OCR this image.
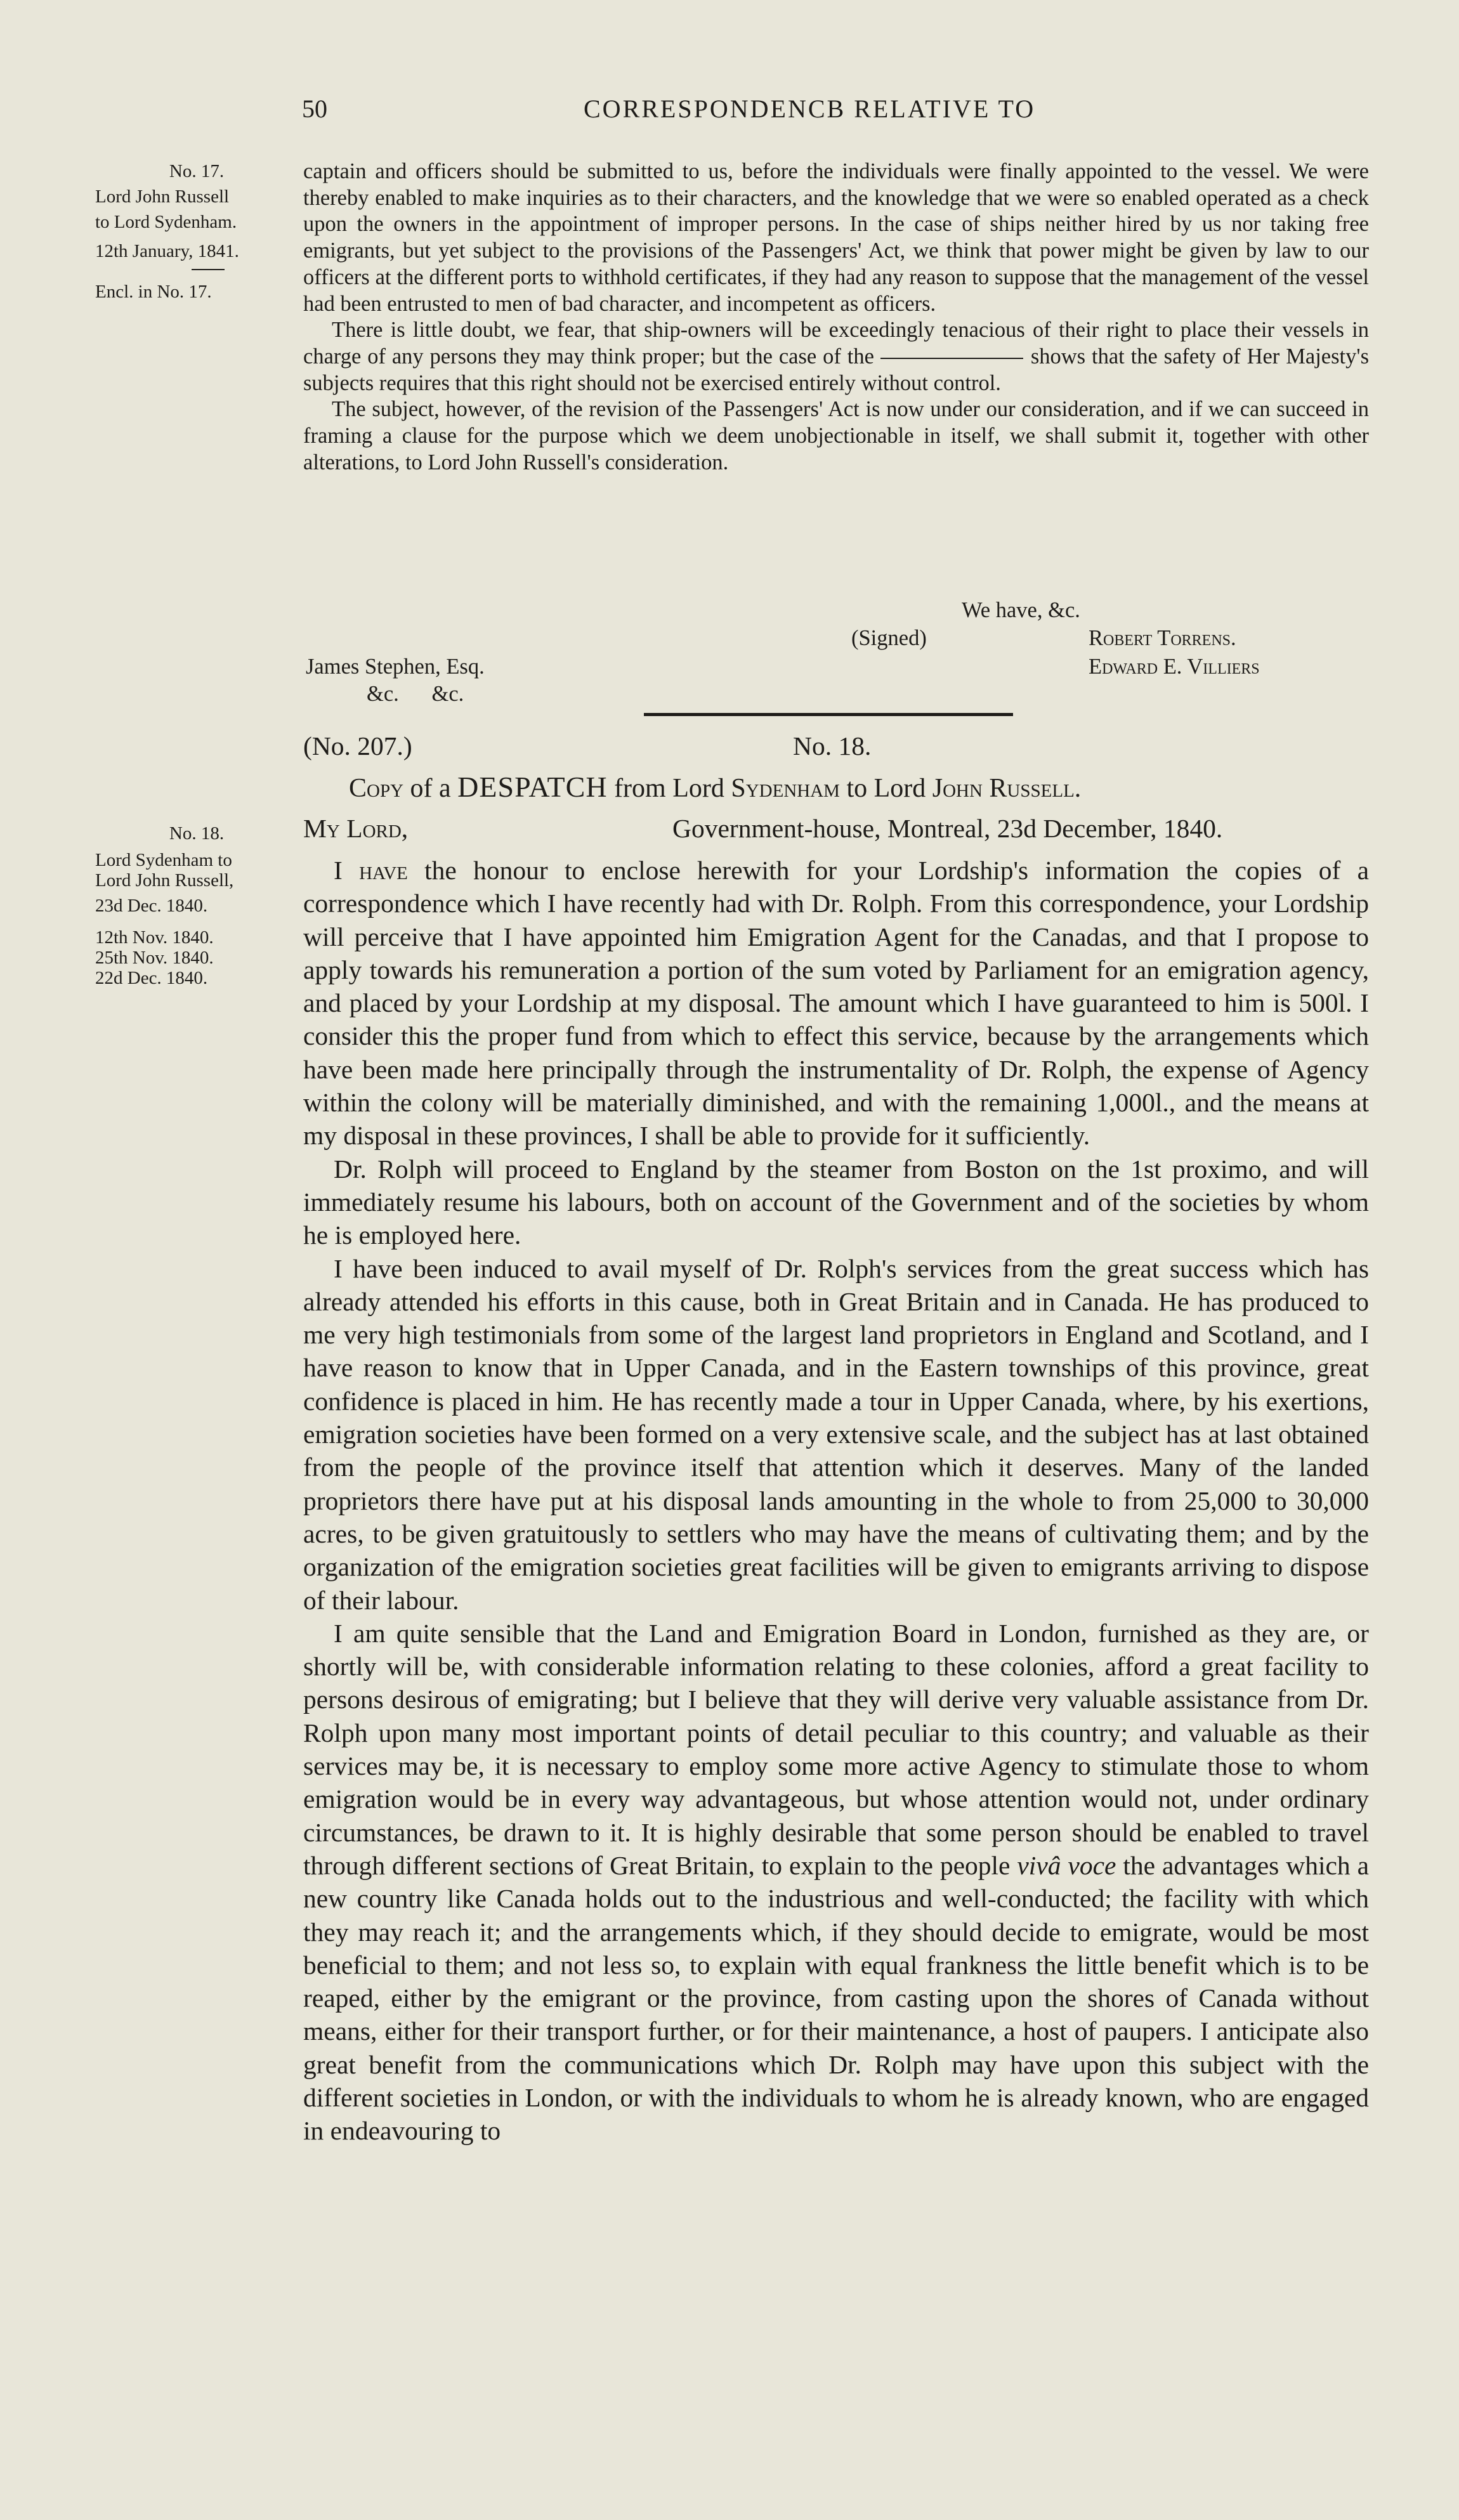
50	CORRESPONDENCB RELATIVE TO
No. 17.
Lord John Russell
to Lord Sydenham.
12th January, 1841.
Encl. in No. 17.

captain and officers should be submitted to us, before the individuals were finally appointed to the vessel. We were thereby enabled to make inquiries as to their characters, and the knowledge that we were so enabled operated as a check upon the owners in the appointment of improper persons. In the case of ships neither hired by us nor taking free emigrants, but yet subject to the provisions of the Passengers' Act, we think that power might be given by law to our officers at the different ports to withhold certificates, if they had any reason to suppose that the management of the vessel had been entrusted to men of bad character, and incompetent as officers.

There is little doubt, we fear, that ship-owners will be exceedingly tenacious of their right to place their vessels in charge of any persons they may think proper; but the case of the	shows that the safety of Her Majesty's subjects requires that this right should not be exercised entirely without control.

The subject, however, of the revision of the Passengers' Act is now under our consideration, and if we can succeed in framing a clause for the purpose which we deem unobjectionable in itself, we shall submit it, together with other alterations, to Lord John Russell's consideration.

We have, &c.
(Signed)	Robert Torrens.
Edward E. Villiers
James Stephen, Esq.
&c.      &c.
(No. 207.)	No. 18.
Copy of a DESPATCH from Lord Sydenham to Lord John Russell.
My Lord,	Government-house, Montreal, 23d December, 1840.
No. 18.
Lord Sydenham to
Lord John Russell,
23d Dec. 1840.
12th Nov. 1840.
25th Nov. 1840.
22d Dec. 1840.

I have the honour to enclose herewith for your Lordship's information the copies of a correspondence which I have recently had with Dr. Rolph. From this correspondence, your Lordship will perceive that I have appointed him Emigration Agent for the Canadas, and that I propose to apply towards his remuneration a portion of the sum voted by Parliament for an emigration agency, and placed by your Lordship at my disposal. The amount which I have guaranteed to him is 500l. I consider this the proper fund from which to effect this service, because by the arrangements which have been made here principally through the instrumentality of Dr. Rolph, the expense of Agency within the colony will be materially diminished, and with the remaining 1,000l., and the means at my disposal in these provinces, I shall be able to provide for it sufficiently.

Dr. Rolph will proceed to England by the steamer from Boston on the 1st proximo, and will immediately resume his labours, both on account of the Government and of the societies by whom he is employed here.

I have been induced to avail myself of Dr. Rolph's services from the great success which has already attended his efforts in this cause, both in Great Britain and in Canada. He has produced to me very high testimonials from some of the largest land proprietors in England and Scotland, and I have reason to know that in Upper Canada, and in the Eastern townships of this province, great confidence is placed in him. He has recently made a tour in Upper Canada, where, by his exertions, emigration societies have been formed on a very extensive scale, and the subject has at last obtained from the people of the province itself that attention which it deserves. Many of the landed proprietors there have put at his disposal lands amounting in the whole to from 25,000 to 30,000 acres, to be given gratuitously to settlers who may have the means of cultivating them; and by the organization of the emigration societies great facilities will be given to emigrants arriving to dispose of their labour.

I am quite sensible that the Land and Emigration Board in London, furnished as they are, or shortly will be, with considerable information relating to these colonies, afford a great facility to persons desirous of emigrating; but I believe that they will derive very valuable assistance from Dr. Rolph upon many most important points of detail peculiar to this country; and valuable as their services may be, it is necessary to employ some more active Agency to stimulate those to whom emigration would be in every way advantageous, but whose attention would not, under ordinary circumstances, be drawn to it. It is highly desirable that some person should be enabled to travel through different sections of Great Britain, to explain to the people vivâ voce the advantages which a new country like Canada holds out to the industrious and well-conducted; the facility with which they may reach it; and the arrangements which, if they should decide to emigrate, would be most beneficial to them; and not less so, to explain with equal frankness the little benefit which is to be reaped, either by the emigrant or the province, from casting upon the shores of Canada without means, either for their transport further, or for their maintenance, a host of paupers. I anticipate also great benefit from the communications which Dr. Rolph may have upon this subject with the different societies in London, or with the individuals to whom he is already known, who are engaged in endeavouring to
